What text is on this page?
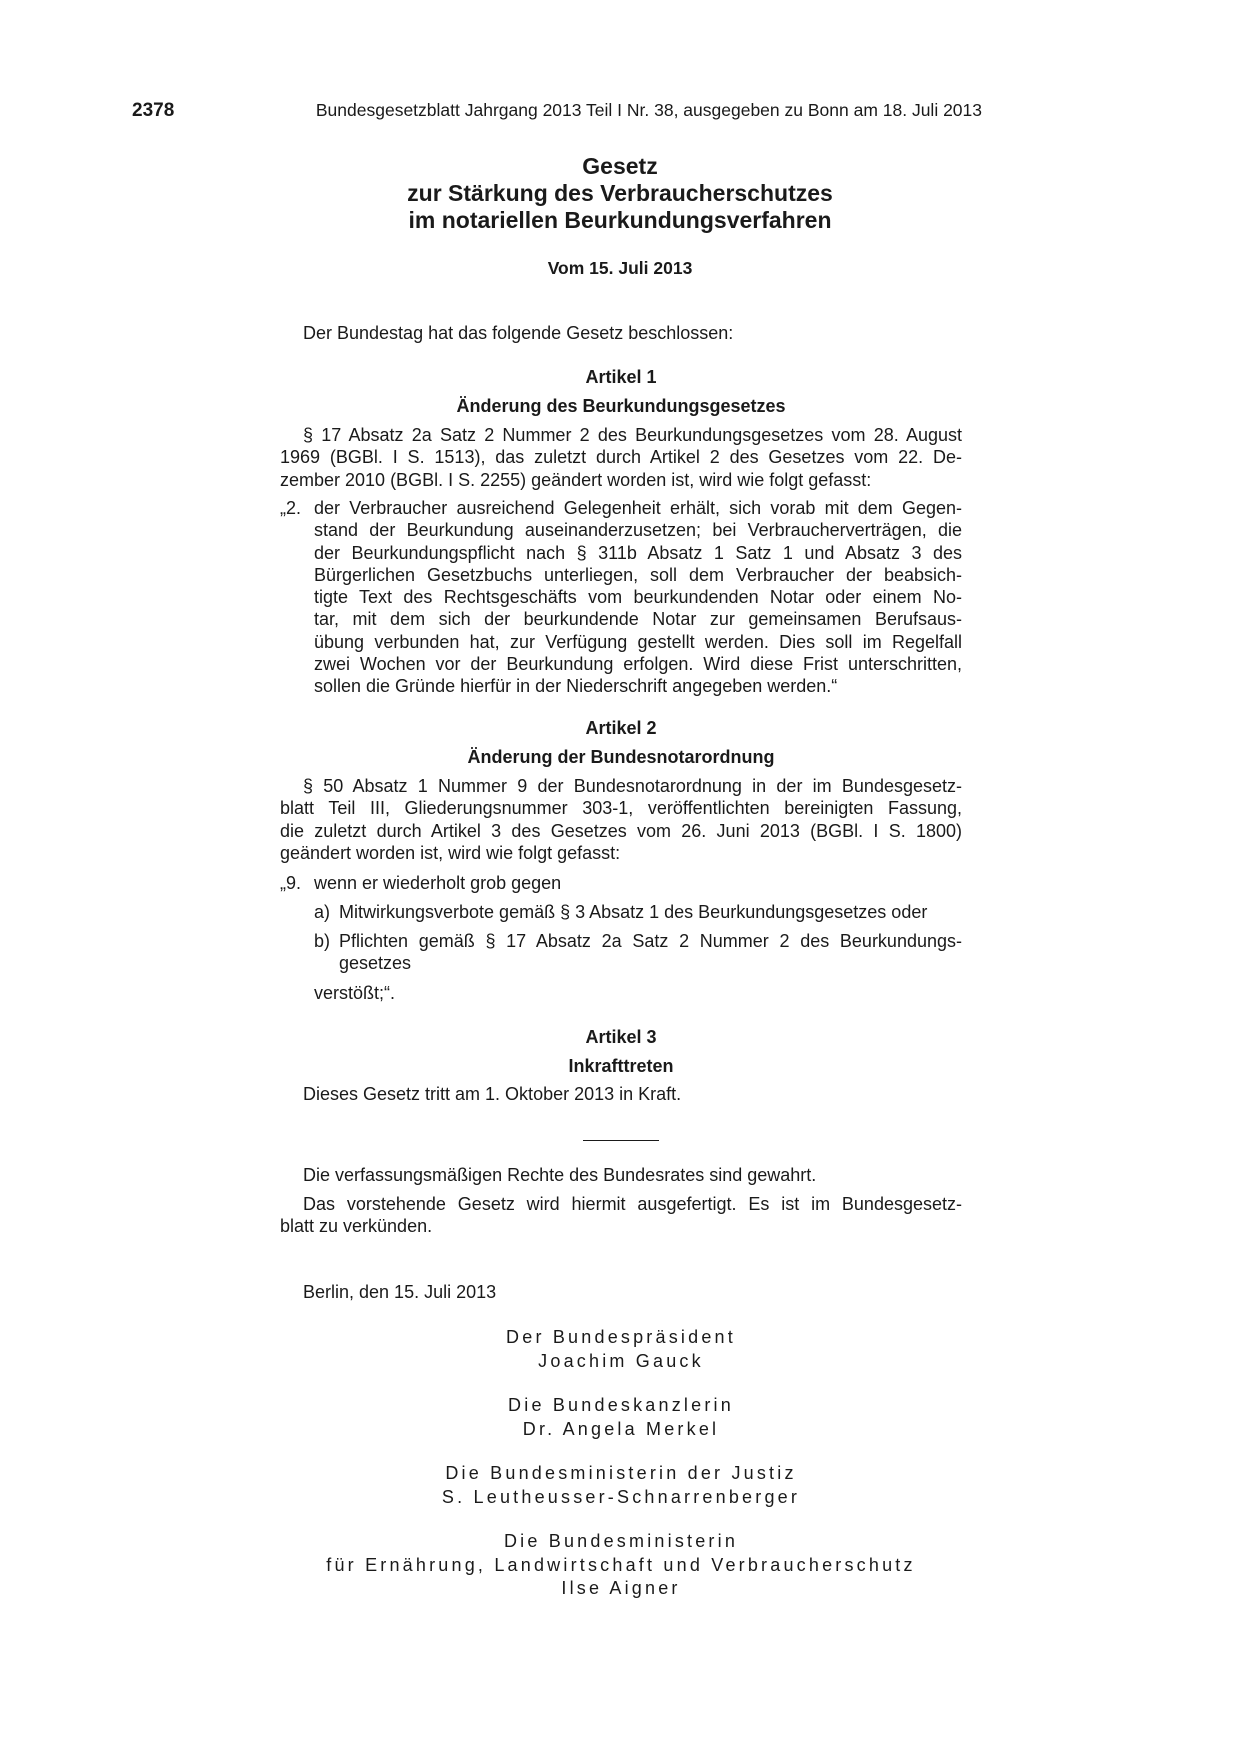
2378	Bundesgesetzblatt Jahrgang 2013 Teil I Nr. 38, ausgegeben zu Bonn am 18. Juli 2013
Gesetz
zur Stärkung des Verbraucherschutzes
im notariellen Beurkundungsverfahren
Vom 15. Juli 2013
Der Bundestag hat das folgende Gesetz beschlossen:
Artikel 1
Änderung des Beurkundungsgesetzes
§ 17 Absatz 2a Satz 2 Nummer 2 des Beurkundungsgesetzes vom 28. August
1969 (BGBl. I S. 1513), das zuletzt durch Artikel 2 des Gesetzes vom 22. De-
zember 2010 (BGBl. I S. 2255) geändert worden ist, wird wie folgt gefasst:
„2. der Verbraucher ausreichend Gelegenheit erhält, sich vorab mit dem Gegen-
stand der Beurkundung auseinanderzusetzen; bei Verbraucherverträgen, die
der Beurkundungspflicht nach § 311b Absatz 1 Satz 1 und Absatz 3 des
Bürgerlichen Gesetzbuchs unterliegen, soll dem Verbraucher der beabsich-
tigte Text des Rechtsgeschäfts vom beurkundenden Notar oder einem No-
tar, mit dem sich der beurkundende Notar zur gemeinsamen Berufsaus-
übung verbunden hat, zur Verfügung gestellt werden. Dies soll im Regelfall
zwei Wochen vor der Beurkundung erfolgen. Wird diese Frist unterschritten,
sollen die Gründe hierfür in der Niederschrift angegeben werden.“
Artikel 2
Änderung der Bundesnotarordnung
§ 50 Absatz 1 Nummer 9 der Bundesnotarordnung in der im Bundesgesetz-
blatt Teil III, Gliederungsnummer 303-1, veröffentlichten bereinigten Fassung,
die zuletzt durch Artikel 3 des Gesetzes vom 26. Juni 2013 (BGBl. I S. 1800)
geändert worden ist, wird wie folgt gefasst:
„9. wenn er wiederholt grob gegen
a) Mitwirkungsverbote gemäß § 3 Absatz 1 des Beurkundungsgesetzes oder
b) Pflichten gemäß § 17 Absatz 2a Satz 2 Nummer 2 des Beurkundungs-
gesetzes
verstößt;“.
Artikel 3
Inkrafttreten
Dieses Gesetz tritt am 1. Oktober 2013 in Kraft.
Die verfassungsmäßigen Rechte des Bundesrates sind gewahrt.
Das vorstehende Gesetz wird hiermit ausgefertigt. Es ist im Bundesgesetz-
blatt zu verkünden.
Berlin, den 15. Juli 2013
Der Bundespräsident
Joachim Gauck
Die Bundeskanzlerin
Dr. Angela Merkel
Die Bundesministerin der Justiz
S. Leutheusser-Schnarrenberger
Die Bundesministerin
für Ernährung, Landwirtschaft und Verbraucherschutz
Ilse Aigner
